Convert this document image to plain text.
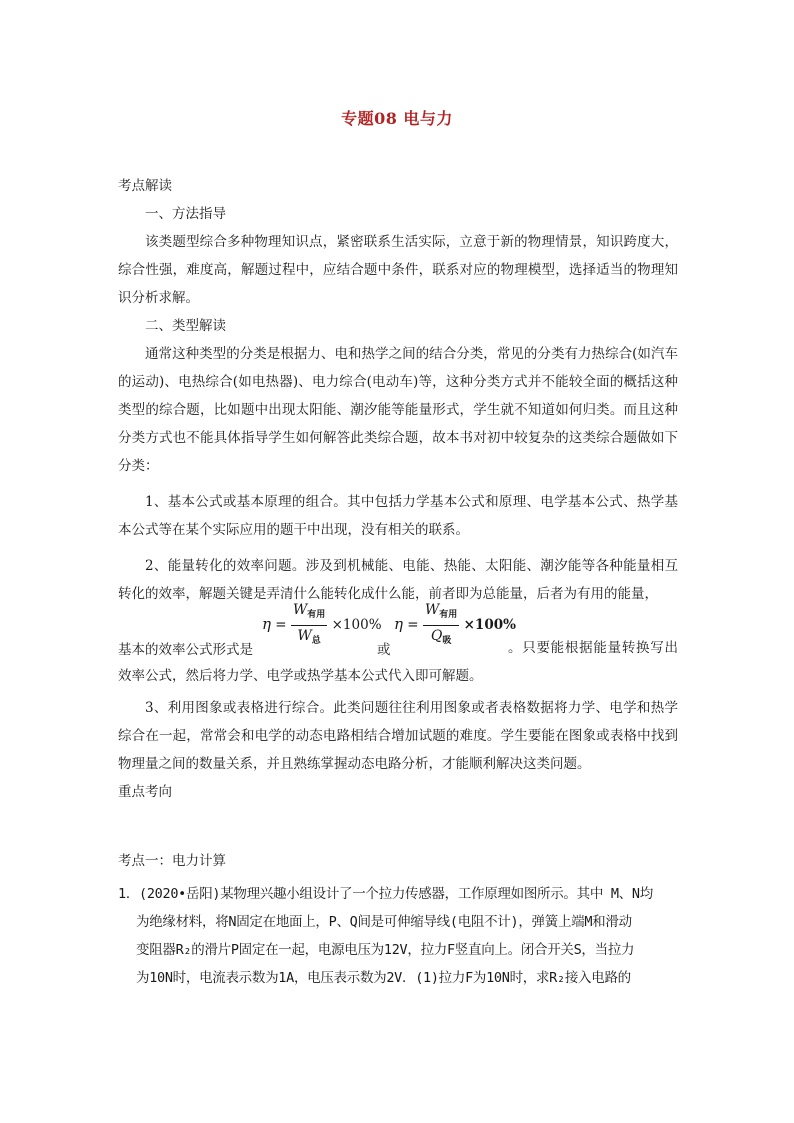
专题08 电与力

考点解读

一、方法指导

该类题型综合多种物理知识点，紧密联系生活实际，立意于新的物理情景，知识跨度大，综合性强，难度高，解题过程中，应结合题中条件，联系对应的物理模型，选择适当的物理知识分析求解。

二、类型解读

通常这种类型的分类是根据力、电和热学之间的结合分类，常见的分类有力热综合(如汽车的运动)、电热综合(如电热器)、电力综合(电动车)等，这种分类方式并不能较全面的概括这种类型的综合题，比如题中出现太阳能、潮汐能等能量形式，学生就不知道如何归类。而且这种分类方式也不能具体指导学生如何解答此类综合题，故本书对初中较复杂的这类综合题做如下分类：

1、基本公式或基本原理的组合。其中包括力学基本公式和原理、电学基本公式、热学基本公式等在某个实际应用的题干中出现，没有相关的联系。

2、能量转化的效率问题。涉及到机械能、电能、热能、太阳能、潮汐能等各种能量相互转化的效率，解题关键是弄清什么能转化成什么能，前者即为总能量，后者为有用的能量，

基本的效率公式形式是
$\eta = \frac{W_{有用}}{W_总} \times 100\%$
或
$\eta = \frac{W_{有用}}{Q_吸} \times 100\%$

。只要能根据能量转换写出效率公式，然后将力学、电学或热学基本公式代入即可解题。

3、利用图象或表格进行综合。此类问题往往利用图象或者表格数据将力学、电学和热学综合在一起，常常会和电学的动态电路相结合增加试题的难度。学生要能在图象或表格中找到物理量之间的数量关系，并且熟练掌握动态电路分析，才能顺利解决这类问题。

重点考向

考点一：电力计算

1．(2020•岳阳)某物理兴趣小组设计了一个拉力传感器，工作原理如图所示。其中 M、N均
为绝缘材料，将N固定在地面上，P、Q间是可伸缩导线(电阻不计)，弹簧上端M和滑动
变阻器R₂的滑片P固定在一起，电源电压为12V，拉力F竖直向上。闭合开关S，当拉力
为10N时，电流表示数为1A，电压表示数为2V．(1)拉力F为10N时，求R₂接入电路的
